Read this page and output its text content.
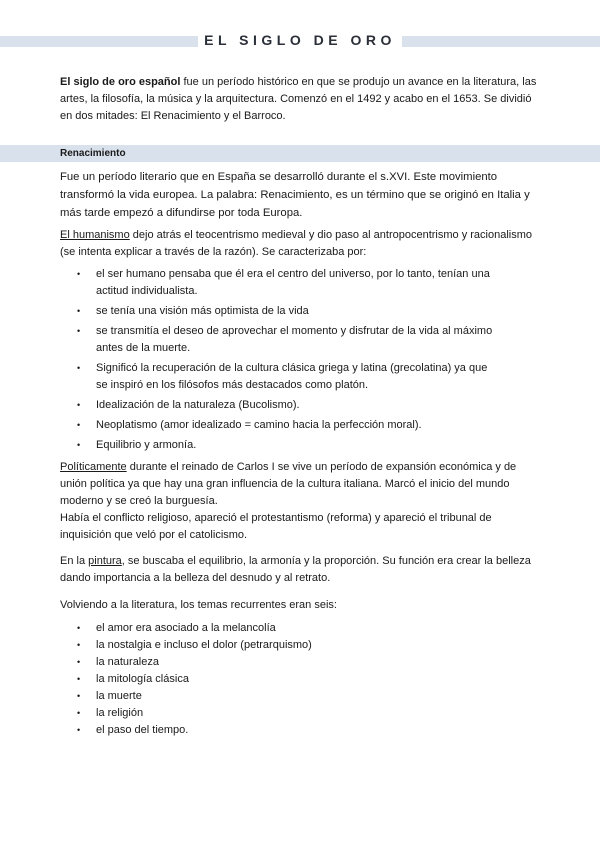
EL SIGLO DE ORO
El siglo de oro español fue un período histórico en que se produjo un avance en la literatura, las artes, la filosofía, la música y la arquitectura. Comenzó en el 1492 y acabo en el 1653. Se dividió en dos mitades: El Renacimiento y el Barroco.
Renacimiento
Fue un período literario que en España se desarrolló durante el s.XVI. Este movimiento transformó la vida europea. La palabra: Renacimiento, es un término que se originó en Italia y más tarde empezó a difundirse por toda Europa.
El humanismo dejo atrás el teocentrismo medieval y dio paso al antropocentrismo y racionalismo (se intenta explicar a través de la razón). Se caracterizaba por:
• el ser humano pensaba que él era el centro del universo, por lo tanto, tenían una actitud individualista.
• se tenía una visión más optimista de la vida
• se transmitía el deseo de aprovechar el momento y disfrutar de la vida al máximo antes de la muerte.
• Significó la recuperación de la cultura clásica griega y latina (grecolatina) ya que se inspiró en los filósofos más destacados como platón.
• Idealización de la naturaleza (Bucolismo).
• Neoplatismo (amor idealizado = camino hacia la perfección moral).
• Equilibrio y armonía.
Políticamente durante el reinado de Carlos I se vive un período de expansión económica y de unión política ya que hay una gran influencia de la cultura italiana. Marcó el inicio del mundo moderno y se creó la burguesía.
Había el conflicto religioso, apareció el protestantismo (reforma) y apareció el tribunal de inquisición que veló por el catolicismo.
En la pintura, se buscaba el equilibrio, la armonía y la proporción. Su función era crear la belleza dando importancia a la belleza del desnudo y al retrato.
Volviendo a la literatura, los temas recurrentes eran seis:
• el amor era asociado a la melancolía
• la nostalgia e incluso el dolor (petrarquismo)
• la naturaleza
• la mitología clásica
• la muerte
• la religión
• el paso del tiempo.
